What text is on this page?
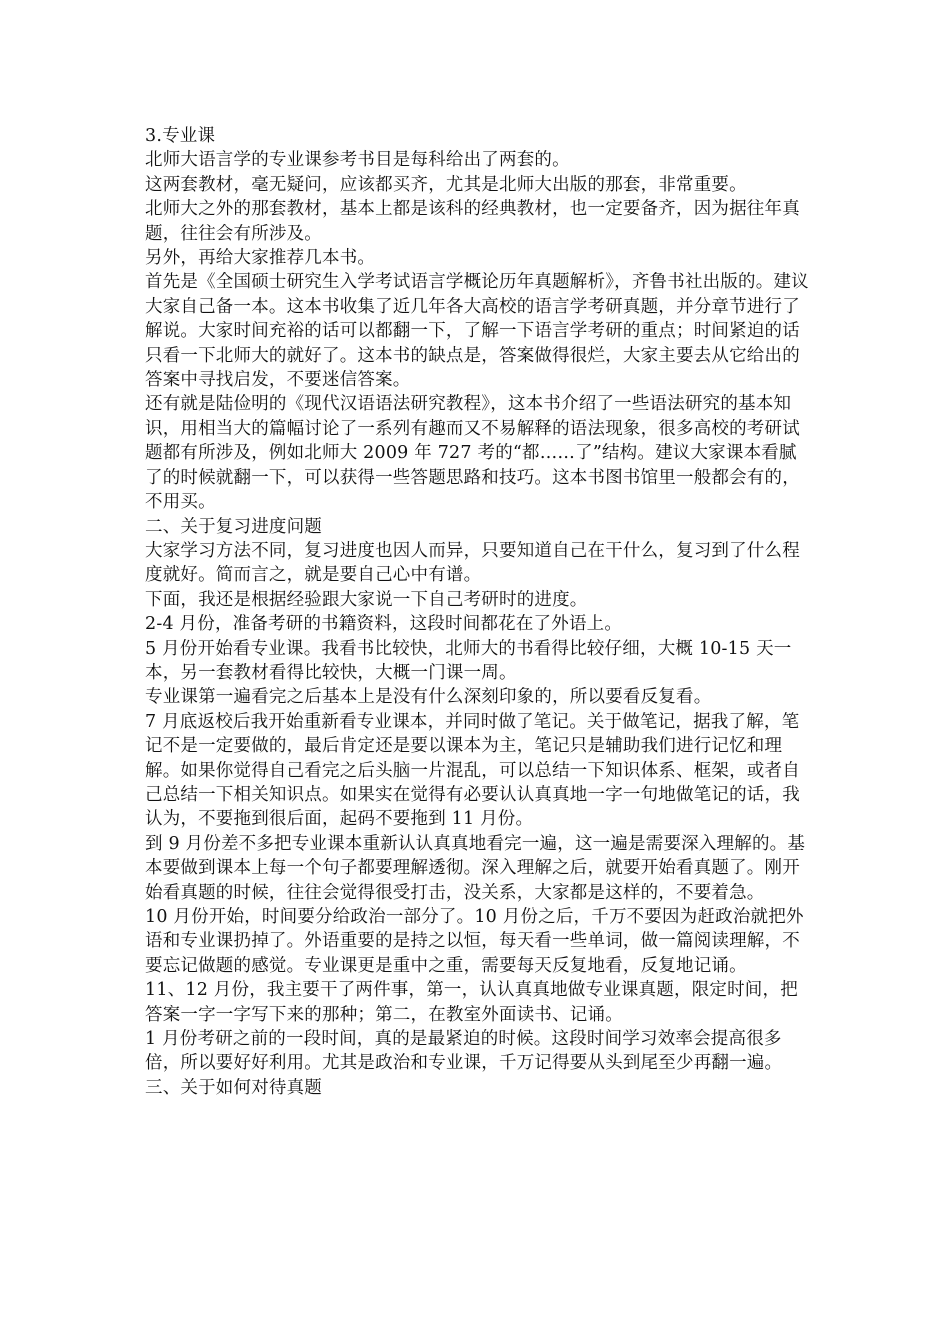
3.专业课

北师大语言学的专业课参考书目是每科给出了两套的。

这两套教材，毫无疑问，应该都买齐，尤其是北师大出版的那套，非常重要。

北师大之外的那套教材，基本上都是该科的经典教材，也一定要备齐，因为据往年真题，往往会有所涉及。

另外，再给大家推荐几本书。

首先是《全国硕士研究生入学考试语言学概论历年真题解析》，齐鲁书社出版的。建议大家自己备一本。这本书收集了近几年各大高校的语言学考研真题，并分章节进行了解说。大家时间充裕的话可以都翻一下，了解一下语言学考研的重点；时间紧迫的话只看一下北师大的就好了。这本书的缺点是，答案做得很烂，大家主要去从它给出的答案中寻找启发，不要迷信答案。

还有就是陆俭明的《现代汉语语法研究教程》，这本书介绍了一些语法研究的基本知识，用相当大的篇幅讨论了一系列有趣而又不易解释的语法现象，很多高校的考研试题都有所涉及，例如北师大 2009 年 727 考的“都……了”结构。建议大家课本看腻了的时候就翻一下，可以获得一些答题思路和技巧。这本书图书馆里一般都会有的，不用买。

二、关于复习进度问题

大家学习方法不同，复习进度也因人而异，只要知道自己在干什么，复习到了什么程度就好。简而言之，就是要自己心中有谱。

下面，我还是根据经验跟大家说一下自己考研时的进度。

2-4 月份，准备考研的书籍资料，这段时间都花在了外语上。

5 月份开始看专业课。我看书比较快，北师大的书看得比较仔细，大概 10-15 天一本，另一套教材看得比较快，大概一门课一周。

专业课第一遍看完之后基本上是没有什么深刻印象的，所以要看反复看。

7 月底返校后我开始重新看专业课本，并同时做了笔记。关于做笔记，据我了解，笔记不是一定要做的，最后肯定还是要以课本为主，笔记只是辅助我们进行记忆和理解。如果你觉得自己看完之后头脑一片混乱，可以总结一下知识体系、框架，或者自己总结一下相关知识点。如果实在觉得有必要认认真真地一字一句地做笔记的话，我认为，不要拖到很后面，起码不要拖到 11 月份。

到 9 月份差不多把专业课本重新认认真真地看完一遍，这一遍是需要深入理解的。基本要做到课本上每一个句子都要理解透彻。深入理解之后，就要开始看真题了。刚开始看真题的时候，往往会觉得很受打击，没关系，大家都是这样的，不要着急。

10 月份开始，时间要分给政治一部分了。10 月份之后，千万不要因为赶政治就把外语和专业课扔掉了。外语重要的是持之以恒，每天看一些单词，做一篇阅读理解，不要忘记做题的感觉。专业课更是重中之重，需要每天反复地看，反复地记诵。

11、12 月份，我主要干了两件事，第一，认认真真地做专业课真题，限定时间，把答案一字一字写下来的那种；第二，在教室外面读书、记诵。

1 月份考研之前的一段时间，真的是最紧迫的时候。这段时间学习效率会提高很多倍，所以要好好利用。尤其是政治和专业课，千万记得要从头到尾至少再翻一遍。

三、关于如何对待真题
